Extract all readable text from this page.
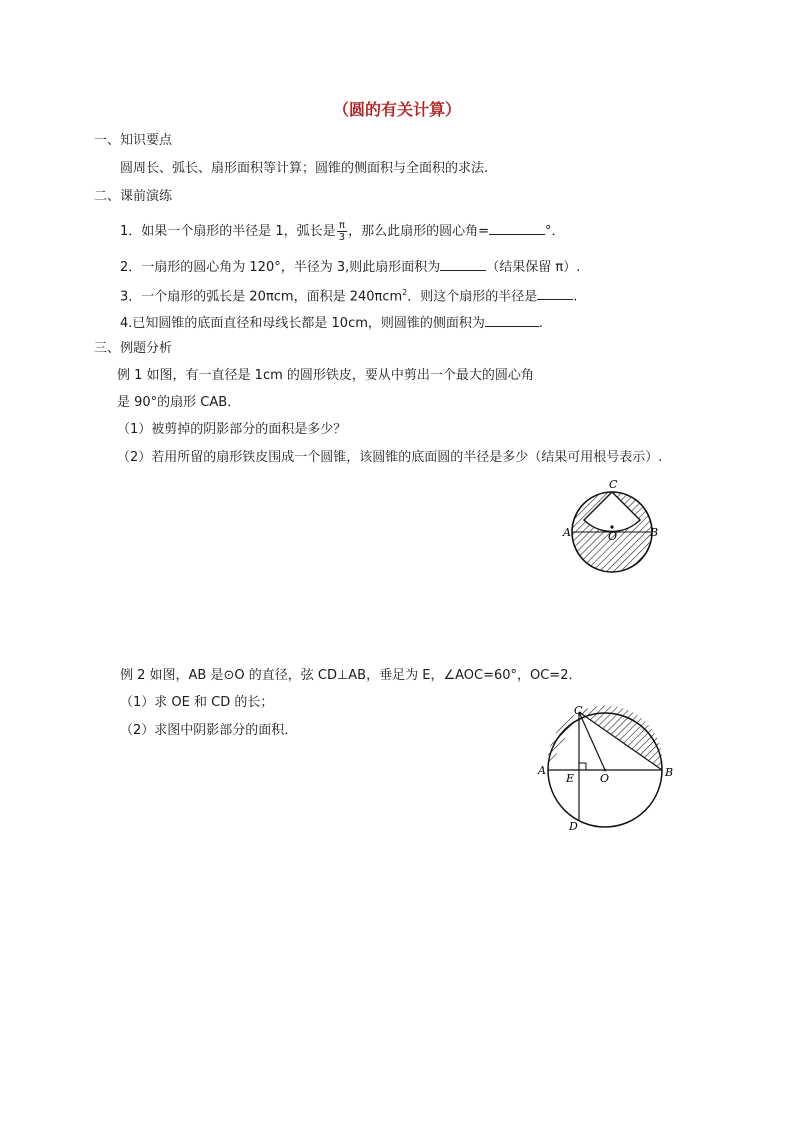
（圆的有关计算）
一、知识要点
圆周长、弧长、扇形面积等计算；圆锥的侧面积与全面积的求法.
二、课前演练
1．如果一个扇形的半径是 1，弧长是 $\frac{\pi}{3}$ ，那么此扇形的圆心角=	°．
2．一扇形的圆心角为 120°，半径为 3,则此扇形面积为	（结果保留 π）.
3．一个扇形的弧长是 20πcm，面积是 240πcm$^2$．则这个扇形的半径是	.
4.已知圆锥的底面直径和母线长都是 10cm，则圆锥的侧面积为	.
三、例题分析
例 1 如图，有一直径是 1cm 的圆形铁皮，要从中剪出一个最大的圆心角
是 90°的扇形 CAB．
（1）被剪掉的阴影部分的面积是多少？
（2）若用所留的扇形铁皮围成一个圆锥，该圆锥的底面圆的半径是多少（结果可用根号表示）.
C
A	B
O
例 2 如图，AB 是⊙O 的直径，弦 CD⊥AB，垂足为 E，∠AOC=60°，OC=2．
（1）求 OE 和 CD 的长；
（2）求图中阴影部分的面积．
C
A	B
E O
D
